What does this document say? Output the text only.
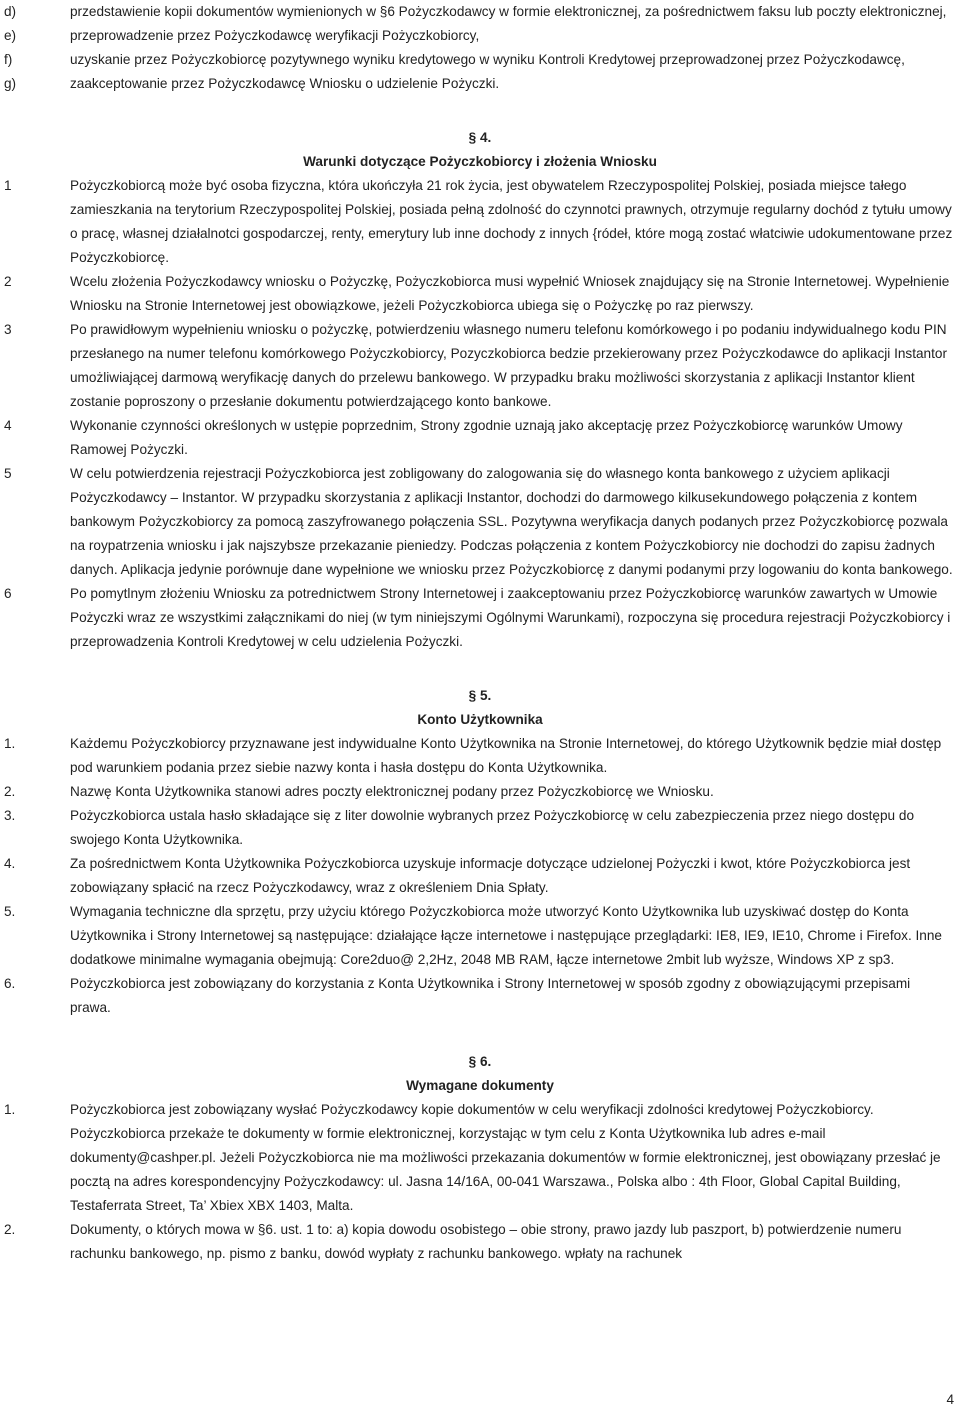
d)	przedstawienie kopii dokumentów wymienionych w §6 Pożyczkodawcy w formie elektronicznej, za pośrednictwem faksu lub poczty elektronicznej,
e)	przeprowadzenie przez Pożyczkodawcę weryfikacji Pożyczkobiorcy,
f)	uzyskanie przez Pożyczkobiorcę pozytywnego wyniku kredytowego w wyniku Kontroli Kredytowej przeprowadzonej przez Pożyczkodawcę,
g)	zaakceptowanie przez Pożyczkodawcę Wniosku o udzielenie Pożyczki.
§ 4.
Warunki dotyczące Pożyczkobiorcy i złożenia Wniosku
1	Pożyczkobiorcą może być osoba fizyczna, która ukończyła 21 rok życia, jest obywatelem Rzeczypospolitej Polskiej, posiada miejsce tałego zamieszkania na terytorium Rzeczypospolitej Polskiej, posiada pełną zdolność do czynnotci prawnych, otrzymuje regularny dochód z tytułu umowy o pracę, własnej działalnotci gospodarczej, renty, emerytury lub inne dochody z innych {ródeł, które mogą zostać włatciwie udokumentowane przez Pożyczkobiorcę.
2	Wcelu złożenia Pożyczkodawcy wniosku o Pożyczkę, Pożyczkobiorca musi wypełnić Wniosek znajdujący się na Stronie Internetowej. Wypełnienie Wniosku na Stronie Internetowej jest obowiązkowe, jeżeli Pożyczkobiorca ubiega się o Pożyczkę po raz pierwszy.
3	Po prawidłowym wypełnieniu wniosku o pożyczkę, potwierdzeniu własnego numeru telefonu komórkowego i po podaniu indywidualnego kodu PIN przesłanego na numer telefonu komórkowego Pożyczkobiorcy, Pozyczkobiorca bedzie przekierowany przez Pożyczkodawce do aplikacji Instantor umożliwiającej darmową weryfikację danych do przelewu bankowego. W przypadku braku możliwości skorzystania z aplikacji Instantor klient zostanie poproszony o przesłanie dokumentu potwierdzającego konto bankowe.
4	Wykonanie czynności określonych w ustępie poprzednim, Strony zgodnie uznają jako akceptację przez Pożyczkobiorcę warunków Umowy Ramowej Pożyczki.
5	W celu potwierdzenia rejestracji Pożyczkobiorca jest zobligowany do zalogowania się do własnego konta bankowego z użyciem aplikacji Pożyczkodawcy – Instantor. W przypadku skorzystania z aplikacji Instantor, dochodzi do darmowego kilkusekundowego połączenia z kontem bankowym Pożyczkobiorcy za pomocą zaszyfrowanego połączenia SSL. Pozytywna weryfikacja danych podanych przez Pożyczkobiorcę pozwala na roypatrzenia wniosku i jak najszybsze przekazanie pieniedzy. Podczas połączenia z kontem Pożyczkobiorcy nie dochodzi do zapisu żadnych danych. Aplikacja jedynie porównuje dane wypełnione we wniosku przez Pożyczkobiorcę z danymi podanymi przy logowaniu do konta bankowego.
6	Po pomytlnym złożeniu Wniosku za potrednictwem Strony Internetowej i zaakceptowaniu przez Pożyczkobiorcę warunków zawartych w Umowie Pożyczki wraz ze wszystkimi załącznikami do niej (w tym niniejszymi Ogólnymi Warunkami), rozpoczyna się procedura rejestracji Pożyczkobiorcy i przeprowadzenia Kontroli Kredytowej w celu udzielenia Pożyczki.
§ 5.
Konto Użytkownika
1.	Każdemu Pożyczkobiorcy przyznawane jest indywidualne Konto Użytkownika na Stronie Internetowej, do którego Użytkownik będzie miał dostęp pod warunkiem podania przez siebie nazwy konta i hasła dostępu do Konta Użytkownika.
2.	Nazwę Konta Użytkownika stanowi adres poczty elektronicznej podany przez Pożyczkobiorcę we Wniosku.
3.	Pożyczkobiorca ustala hasło składające się z liter dowolnie wybranych przez Pożyczkobiorcę w celu zabezpieczenia przez niego dostępu do swojego Konta Użytkownika.
4.	Za pośrednictwem Konta Użytkownika Pożyczkobiorca uzyskuje informacje dotyczące udzielonej Pożyczki i kwot, które Pożyczkobiorca jest zobowiązany spłacić na rzecz Pożyczkodawcy, wraz z określeniem Dnia Spłaty.
5.	Wymagania techniczne dla sprzętu, przy użyciu którego Pożyczkobiorca może utworzyć Konto Użytkownika lub uzyskiwać dostęp do Konta Użytkownika i Strony Internetowej są następujące: działające łącze internetowe i następujące przeglądarki: IE8, IE9, IE10, Chrome i Firefox. Inne dodatkowe minimalne wymagania obejmują: Core2duo@ 2,2Hz, 2048 MB RAM, łącze internetowe 2mbit lub wyższe, Windows XP z sp3.
6.	Pożyczkobiorca jest zobowiązany do korzystania z Konta Użytkownika i Strony Internetowej w sposób zgodny z obowiązującymi przepisami prawa.
§ 6.
Wymagane dokumenty
1.	Pożyczkobiorca jest zobowiązany wysłać Pożyczkodawcy kopie dokumentów w celu weryfikacji zdolności kredytowej Pożyczkobiorcy. Pożyczkobiorca przekaże te dokumenty w formie elektronicznej, korzystając w tym celu z Konta Użytkownika lub adres e-mail dokumenty@cashper.pl. Jeżeli Pożyczkobiorca nie ma możliwości przekazania dokumentów w formie elektronicznej, jest obowiązany przesłać je pocztą na adres korespondencyjny Pożyczkodawcy: ul. Jasna 14/16A, 00-041 Warszawa., Polska albo : 4th Floor, Global Capital Building, Testaferrata Street, Ta’ Xbiex XBX 1403, Malta.
2.	Dokumenty, o których mowa w §6. ust. 1 to: a) kopia dowodu osobistego – obie strony, prawo jazdy lub paszport, b) potwierdzenie numeru rachunku bankowego, np. pismo z banku, dowód wypłaty z rachunku bankowego. wpłaty na rachunek
4
